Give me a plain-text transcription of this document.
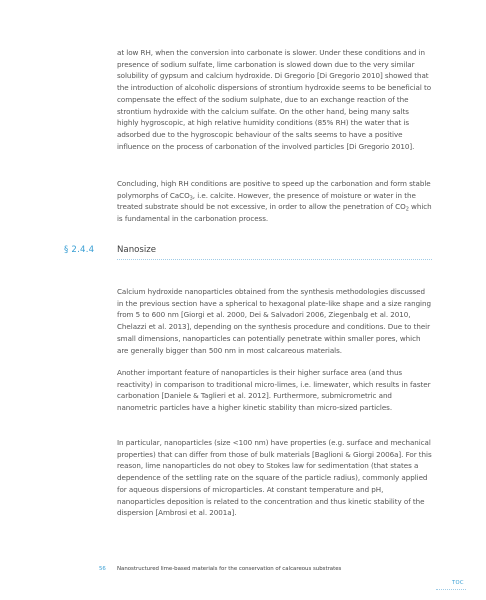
at low RH, when the conversion into carbonate is slower. Under these conditions and in presence of sodium sulfate, lime carbonation is slowed down due to the very similar solubility of gypsum and calcium hydroxide. Di Gregorio [Di Gregorio 2010] showed that the introduction of alcoholic dispersions of strontium hydroxide seems to be beneficial to compensate the effect of the sodium sulphate, due to an exchange reaction of the strontium hydroxide with the calcium sulfate. On the other hand, being many salts highly hygroscopic, at high relative humidity conditions (85% RH) the water that is adsorbed due to the hygroscopic behaviour of the salts seems to have a positive influence on the process of carbonation of the involved particles [Di Gregorio 2010].

Concluding, high RH conditions are positive to speed up the carbonation and form stable polymorphs of CaCO$_3$, i.e. calcite. However, the presence of moisture or water in the treated substrate should be not excessive, in order to allow the penetration of $CO_2$ which is fundamental in the carbonation process.

§ 2.4.4	Nanosize

Calcium hydroxide nanoparticles obtained from the synthesis methodologies discussed in the previous section have a spherical to hexagonal plate-like shape and a size ranging from 5 to 600 nm [Giorgi et al. 2000, Dei & Salvadori 2006, Ziegenbalg et al. 2010, Chelazzi et al. 2013], depending on the synthesis procedure and conditions. Due to their small dimensions, nanoparticles can potentially penetrate within smaller pores, which are generally bigger than 500 nm in most calcareous materials.

Another important feature of nanoparticles is their higher surface area (and thus reactivity) in comparison to traditional micro-limes, i.e. limewater, which results in faster carbonation [Daniele & Taglieri et al. 2012]. Furthermore, submicrometric and nanometric particles have a higher kinetic stability than micro-sized particles.

In particular, nanoparticles (size <100 nm) have properties (e.g. surface and mechanical properties) that can differ from those of bulk materials [Baglioni & Giorgi 2006a]. For this reason, lime nanoparticles do not obey to Stokes law for sedimentation (that states a dependence of the settling rate on the square of the particle radius), commonly applied for aqueous dispersions of microparticles. At constant temperature and pH, nanoparticles deposition is related to the concentration and thus kinetic stability of the dispersion [Ambrosi et al. 2001a].

56 Nanostructured lime-based materials for the conservation of calcareous substrates
TOC
